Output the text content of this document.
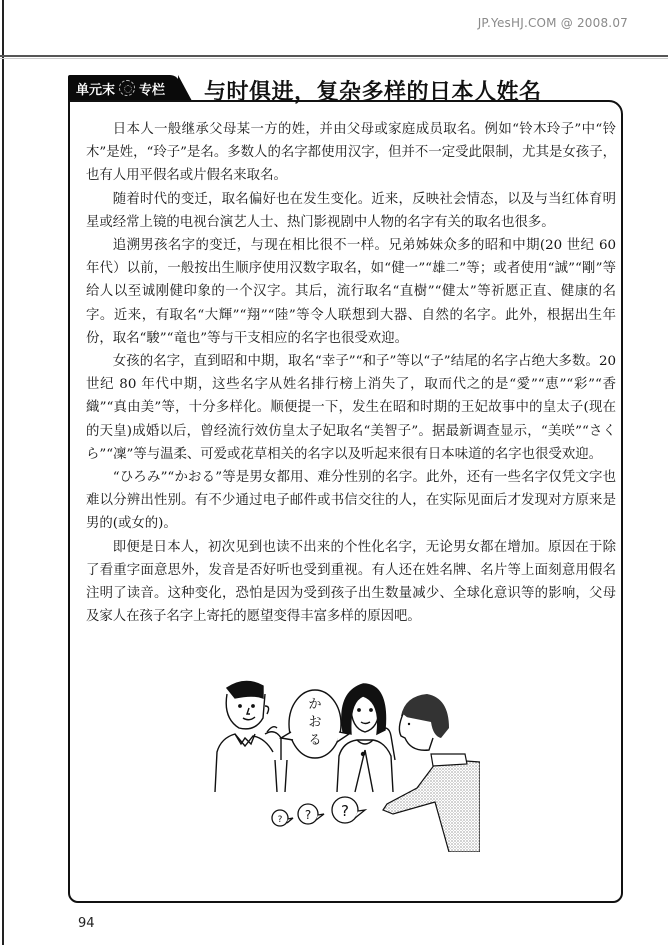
JP.YesHJ.COM @ 2008.07
单元末 专栏 与时俱进，复杂多样的日本人姓名

日本人一般继承父母某一方的姓，并由父母或家庭成员取名。例如“铃木玲子”中“铃木”是姓，“玲子”是名。多数人的名字都使用汉字，但并不一定受此限制，尤其是女孩子，也有人用平假名或片假名来取名。

随着时代的变迁，取名偏好也在发生变化。近来，反映社会情态，以及与当红体育明星或经常上镜的电视台演艺人士、热门影视剧中人物的名字有关的取名也很多。

追溯男孩名字的变迁，与现在相比很不一样。兄弟姊妹众多的昭和中期(20 世纪 60 年代）以前，一般按出生顺序使用汉数字取名，如“健一”“雄二”等；或者使用“誠”“剛”等给人以至诚刚健印象的一个汉字。其后，流行取名“直樹”“健太”等祈愿正直、健康的名字。近来，有取名“大輝”“翔”“陸”等令人联想到大器、自然的名字。此外，根据出生年份，取名“駿”“竜也”等与干支相应的名字也很受欢迎。

女孩的名字，直到昭和中期，取名“幸子”“和子”等以“子”结尾的名字占绝大多数。20 世纪 80 年代中期，这些名字从姓名排行榜上消失了，取而代之的是“愛”“恵”“彩”“香織”“真由美”等，十分多样化。顺便提一下，发生在昭和时期的王妃故事中的皇太子(现在的天皇)成婚以后，曾经流行效仿皇太子妃取名“美智子”。据最新调查显示，“美咲”“さくら”“凜”等与温柔、可爱或花草相关的名字以及听起来很有日本味道的名字也很受欢迎。

“ひろみ”“かおる”等是男女都用、难分性别的名字。此外，还有一些名字仅凭文字也难以分辨出性别。有不少通过电子邮件或书信交往的人，在实际见面后才发现对方原来是男的(或女的)。

即便是日本人，初次见到也读不出来的个性化名字，无论男女都在增加。原因在于除了看重字面意思外，发音是否好听也受到重视。有人还在姓名牌、名片等上面刻意用假名注明了读音。这种变化，恐怕是因为受到孩子出生数量减少、全球化意识等的影响，父母及家人在孩子名字上寄托的愿望变得丰富多样的原因吧。

か
お
る
? ? ?
94
